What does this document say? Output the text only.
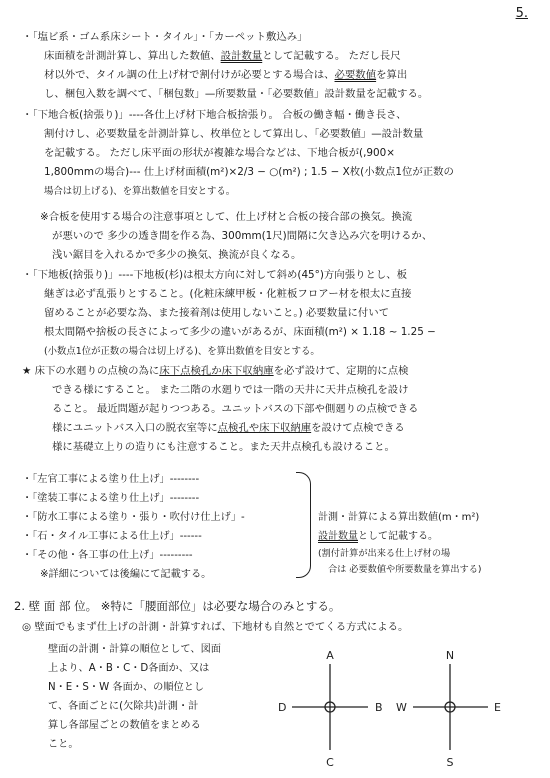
5.
・「塩ビ系・ゴム系床シート・タイル」・「カーペット敷込み」
床面積を計測計算し、算出した数値、設計数量として記載する。 ただし長尺
材以外で、タイル調の仕上げ材で割付けが必要とする場合は、必要数値を算出
し、梱包入数を調べて、「梱包数」—所要数量・「必要数値」設計数量を記載する。
・「下地合板(捨張り)」----各仕上げ材下地合板捨張り。 合板の働き幅・働き長さ、
割付けし、必要数量を計測計算し、枚単位として算出し、「必要数値」—設計数量
を記載する。 ただし床平面の形状が複雑な場合などは、下地合板が(,900×
1,800mmの場合)--- 仕上げ材面積(m²)×2/3 − ○(m²) ; 1.5 − X枚(小数点1位が正数の
場合は切上げる)、を算出数値を目安とする。
※合板を使用する場合の注意事項として、仕上げ材と合板の接合部の換気。換流
が悪いので 多少の透き間を作る為、300mm(1尺)間隔に欠き込み穴を明けるか、
浅い鋸目を入れるかで多少の換気、換流が良くなる。
・「下地板(捨張り)」----下地板(杉)は根太方向に対して斜め(45°)方向張りとし、板
継ぎは必ず乱張りとすること。(化粧床練甲板・化粧板フロアー材を根太に直接
留めることが必要な為、また接着剤は使用しないこと。) 必要数量に付いて
根太間隔や捨板の長さによって多少の違いがあるが、床面積(m²) × 1.18 ~ 1.25 −
(小数点1位が正数の場合は切上げる)、を算出数値を目安とする。
★ 床下の水廻りの点検の為に床下点検孔か床下収納庫を必ず設けて、定期的に点検
できる様にすること。 また二階の水廻りでは一階の天井に天井点検孔を設け
ること。 最近問題が起りつつある。ユニットバスの下部や側廻りの点検できる
様にユニットバス入口の脱衣室等に点検孔や床下収納庫を設けて点検できる
様に基礎立上りの造りにも注意すること。また天井点検孔も設けること。
・「左官工事による塗り仕上げ」--------
・「塗装工事による塗り仕上げ」--------
・「防水工事による塗り・張り・吹付け仕上げ」-
・「石・タイル工事による仕上げ」------
・「その他・各工事の仕上げ」---------
※詳細については後編にて記載する。
計測・計算による算出数値(m・m²)
設計数量として記載する。
(割付計算が出来る仕上げ材の場
合は 必要数値や所要数量を算出する)
2. 壁 面 部 位。 ※特に「腰面部位」は必要な場合のみとする。
◎ 壁面でもまず仕上げの計測・計算すれば、下地材も自然とでてくる方式による。
壁面の計測・計算の順位として、図面
上より、A・B・C・D各面か、又は
N・E・S・W 各面か、の順位とし
て、各面ごとに(欠除共)計測・計
算し各部屋ごとの数値をまとめる
こと。
A
B
C
D
N
E
S
W
